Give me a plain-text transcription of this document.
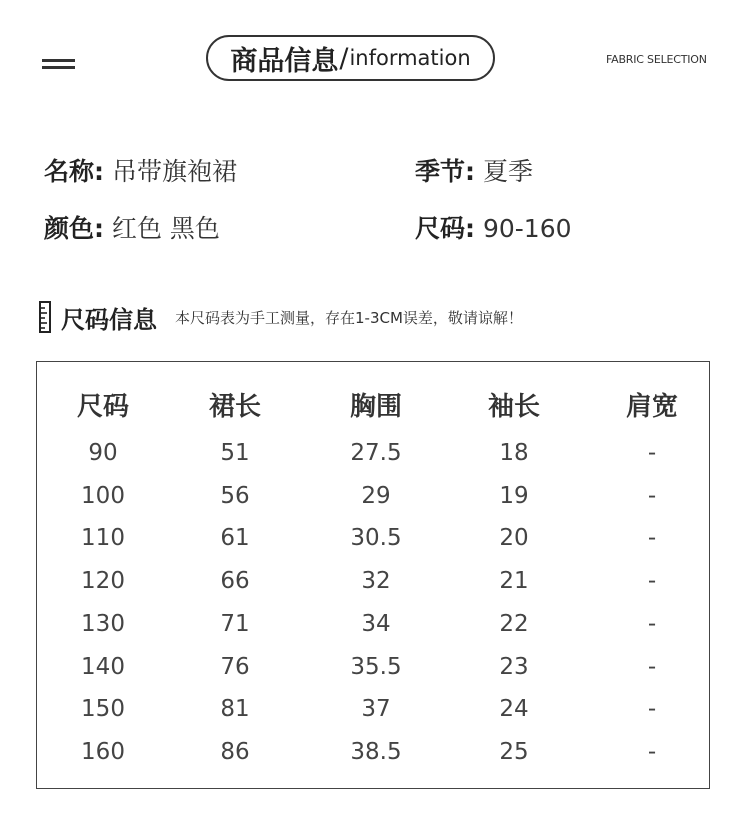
商品信息 / information	FABRIC SELECTION
名称: 吊带旗袍裙	季节: 夏季
颜色: 红色 黑色	尺码: 90-160
尺码信息 本尺码表为手工测量，存在1-3CM误差，敬请谅解！
尺码	裙长	胸围	袖长	肩宽
90	51	27.5	18	-
100	56	29	19	-
110	61	30.5	20	-
120	66	32	21	-
130	71	34	22	-
140	76	35.5	23	-
150	81	37	24	-
160	86	38.5	25	-
